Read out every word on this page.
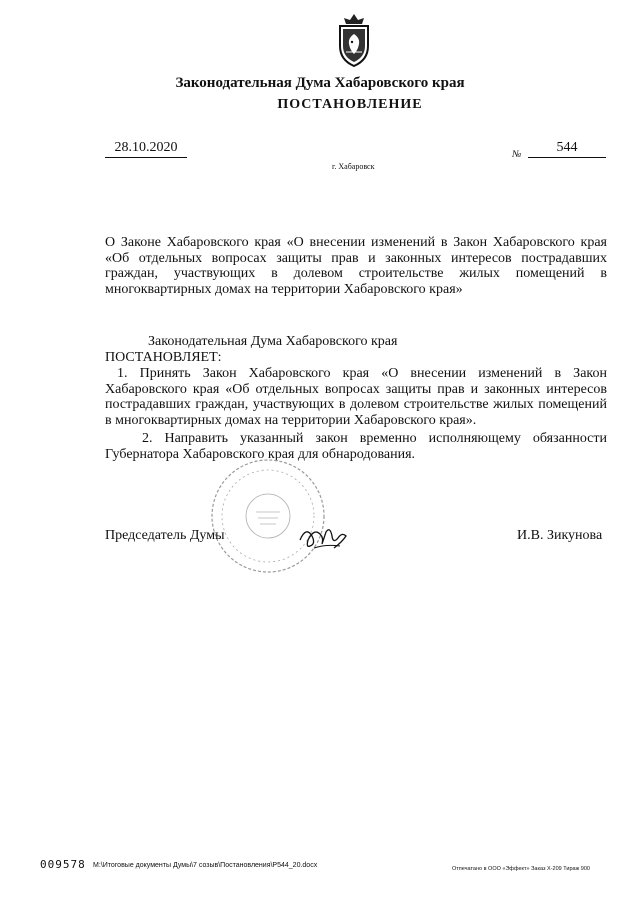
Законодательная Дума Хабаровского края
ПОСТАНОВЛЕНИЕ
28.10.2020	№	544
г. Хабаровск
О Законе Хабаровского края «О внесении изменений в Закон Хабаровского края «Об отдельных вопросах защиты прав и законных интересов пострадавших граждан, участвующих в долевом строительстве жилых помещений в многоквартирных домах на территории Хабаровского края»
Законодательная Дума Хабаровского края
ПОСТАНОВЛЯЕТ:
1. Принять Закон Хабаровского края «О внесении изменений в Закон Хабаровского края «Об отдельных вопросах защиты прав и законных интересов пострадавших граждан, участвующих в долевом строительстве жилых помещений в многоквартирных домах на территории Хабаровского края».
2. Направить указанный закон временно исполняющему обязанности Губернатора Хабаровского края для обнародования.
Председатель Думы	И.В. Зикунова
009578 M:\Итоговые документы Думы\7 созыв\Постановления\P544_20.docx	Отпечатано в ООО «Эффект» Заказ Х-209 Тираж 900
